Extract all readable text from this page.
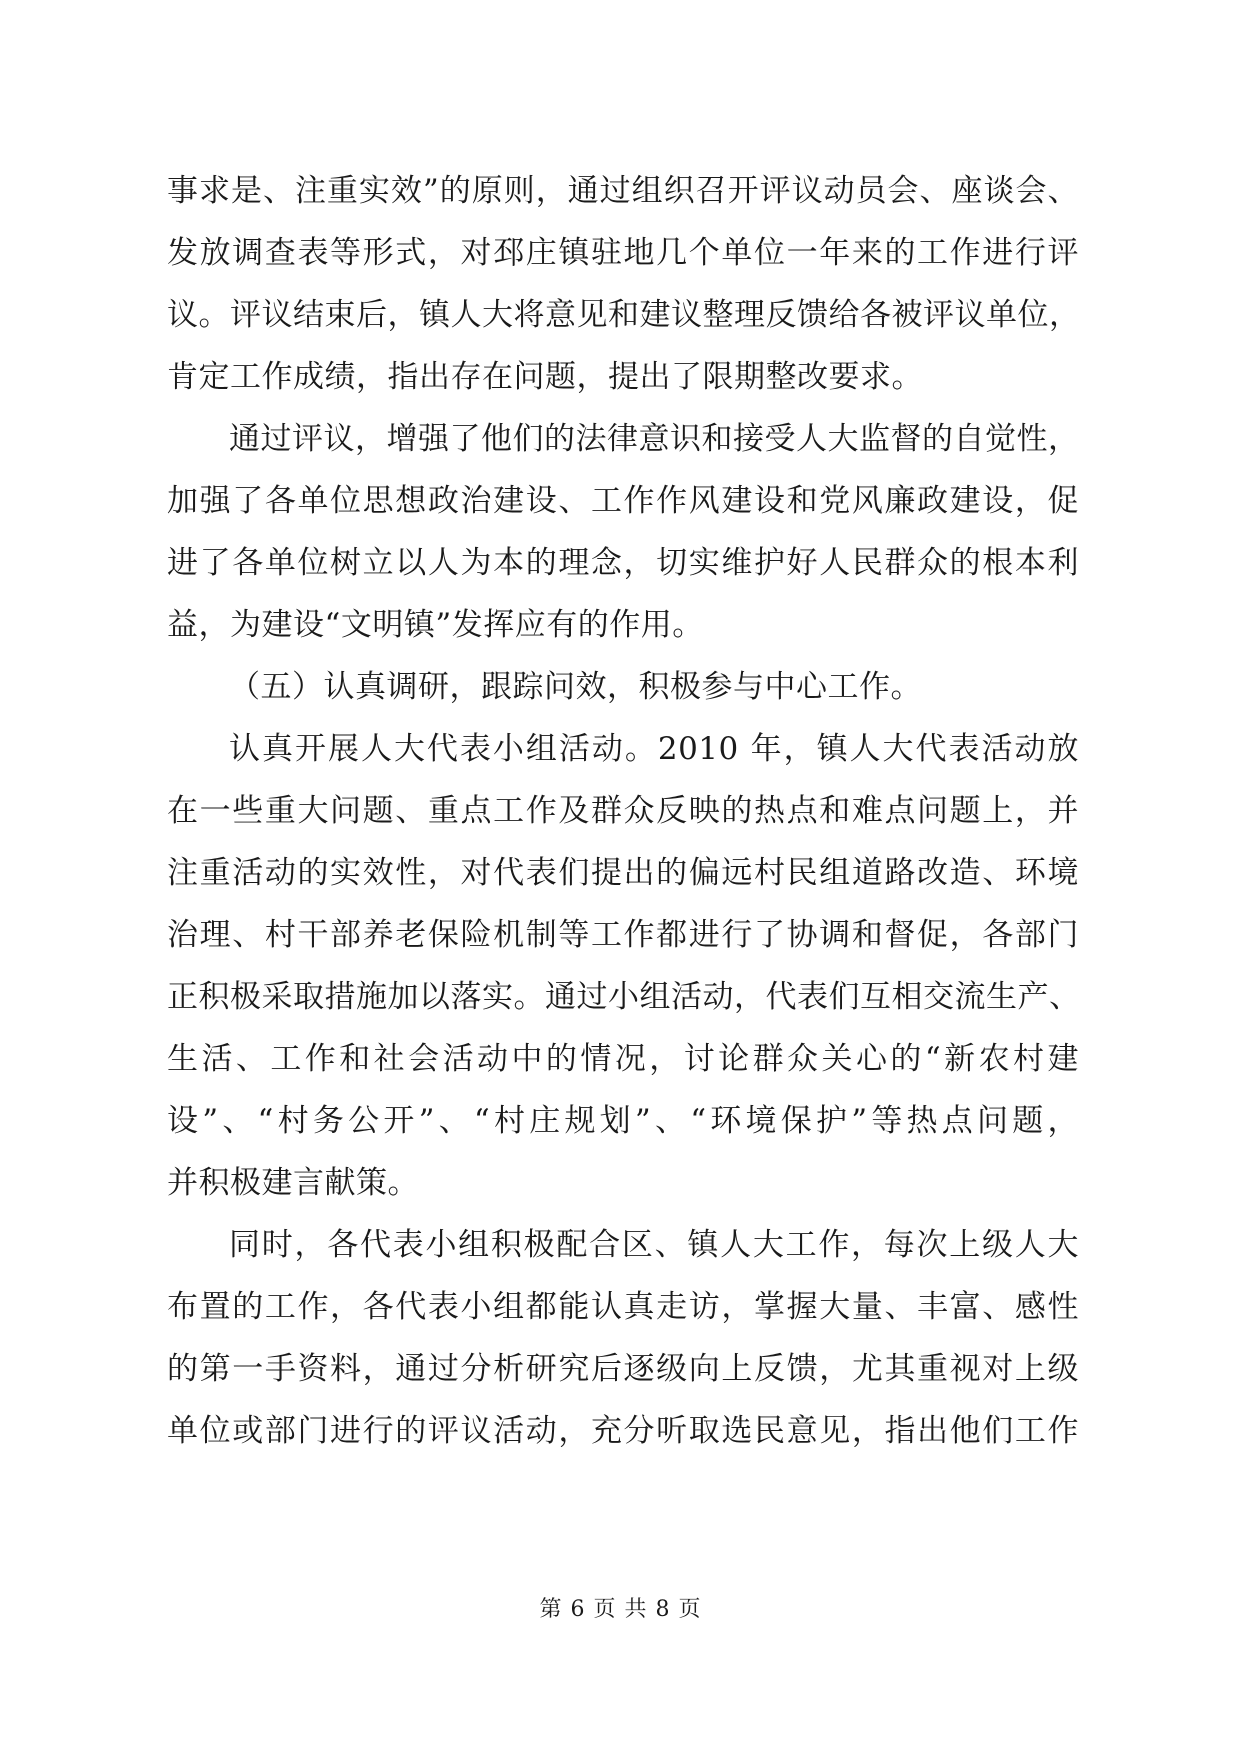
事求是、注重实效”的原则，通过组织召开评议动员会、座谈会、
发放调查表等形式，对邳庄镇驻地几个单位一年来的工作进行评
议。评议结束后，镇人大将意见和建议整理反馈给各被评议单位，
肯定工作成绩，指出存在问题，提出了限期整改要求。
通过评议，增强了他们的法律意识和接受人大监督的自觉性，
加强了各单位思想政治建设、工作作风建设和党风廉政建设，促
进了各单位树立以人为本的理念，切实维护好人民群众的根本利
益，为建设“文明镇”发挥应有的作用。
（五）认真调研，跟踪问效，积极参与中心工作。
认真开展人大代表小组活动。2010 年，镇人大代表活动放
在一些重大问题、重点工作及群众反映的热点和难点问题上，并
注重活动的实效性，对代表们提出的偏远村民组道路改造、环境
治理、村干部养老保险机制等工作都进行了协调和督促，各部门
正积极采取措施加以落实。通过小组活动，代表们互相交流生产、
生活、工作和社会活动中的情况，讨论群众关心的“新农村建
设”、“村务公开”、“村庄规划”、“环境保护”等热点问题，
并积极建言献策。
同时，各代表小组积极配合区、镇人大工作，每次上级人大
布置的工作，各代表小组都能认真走访，掌握大量、丰富、感性
的第一手资料，通过分析研究后逐级向上反馈，尤其重视对上级
单位或部门进行的评议活动，充分听取选民意见，指出他们工作
第 6 页 共 8 页
